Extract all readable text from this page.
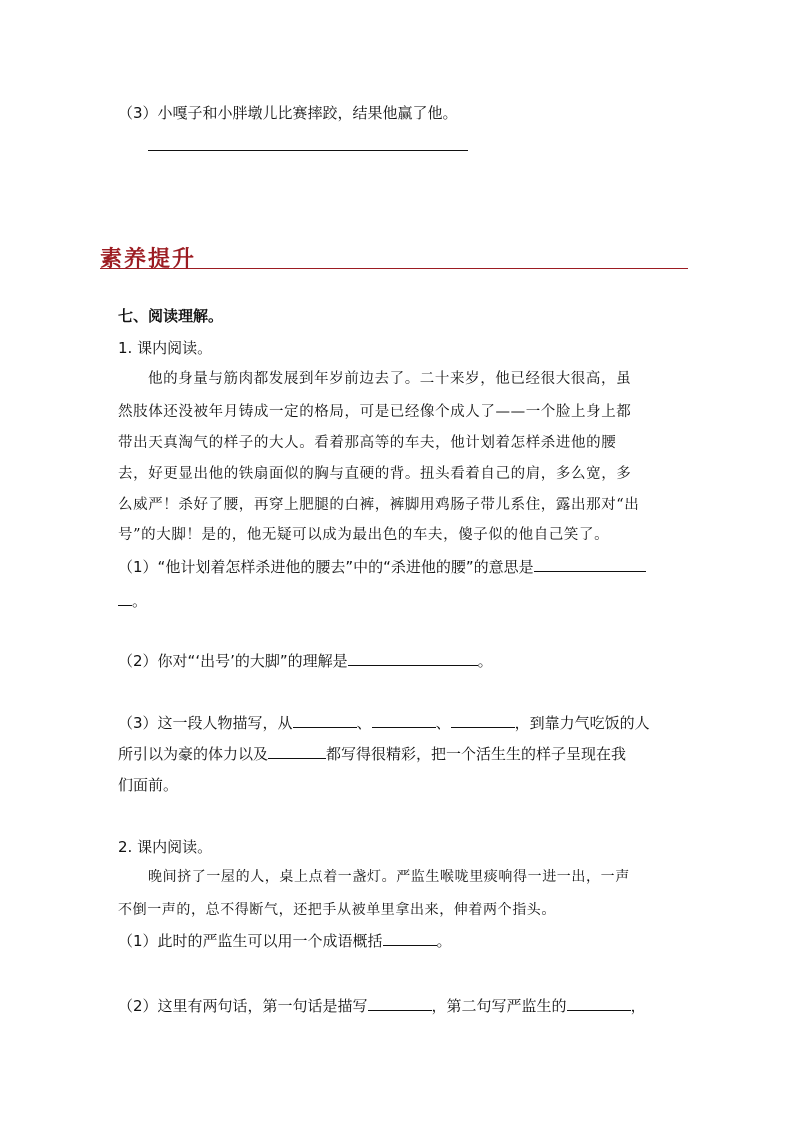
（3）小嘎子和小胖墩儿比赛摔跤，结果他赢了他。
素养提升
七、阅读理解。
1. 课内阅读。
他的身量与筋肉都发展到年岁前边去了。二十来岁，他已经很大很高，虽
然肢体还没被年月铸成一定的格局，可是已经像个成人了——一个脸上身上都
带出天真淘气的样子的大人。看着那高等的车夫，他计划着怎样杀进他的腰
去，好更显出他的铁扇面似的胸与直硬的背。扭头看着自己的肩，多么宽，多
么威严！杀好了腰，再穿上肥腿的白裤，裤脚用鸡肠子带儿系住，露出那对“出
号”的大脚！是的，他无疑可以成为最出色的车夫，傻子似的他自己笑了。
（1）“他计划着怎样杀进他的腰去”中的“杀进他的腰”的意思是
。
（2）你对“‘出号’的大脚”的理解是	。
（3）这一段人物描写，从	、	、	，到靠力气吃饭的人
所引以为豪的体力以及	都写得很精彩，把一个活生生的样子呈现在我
们面前。
2. 课内阅读。
晚间挤了一屋的人，桌上点着一盏灯。严监生喉咙里痰响得一进一出，一声
不倒一声的，总不得断气，还把手从被单里拿出来，伸着两个指头。
（1）此时的严监生可以用一个成语概括	。
（2）这里有两句话，第一句话是描写	，第二句写严监生的	，
